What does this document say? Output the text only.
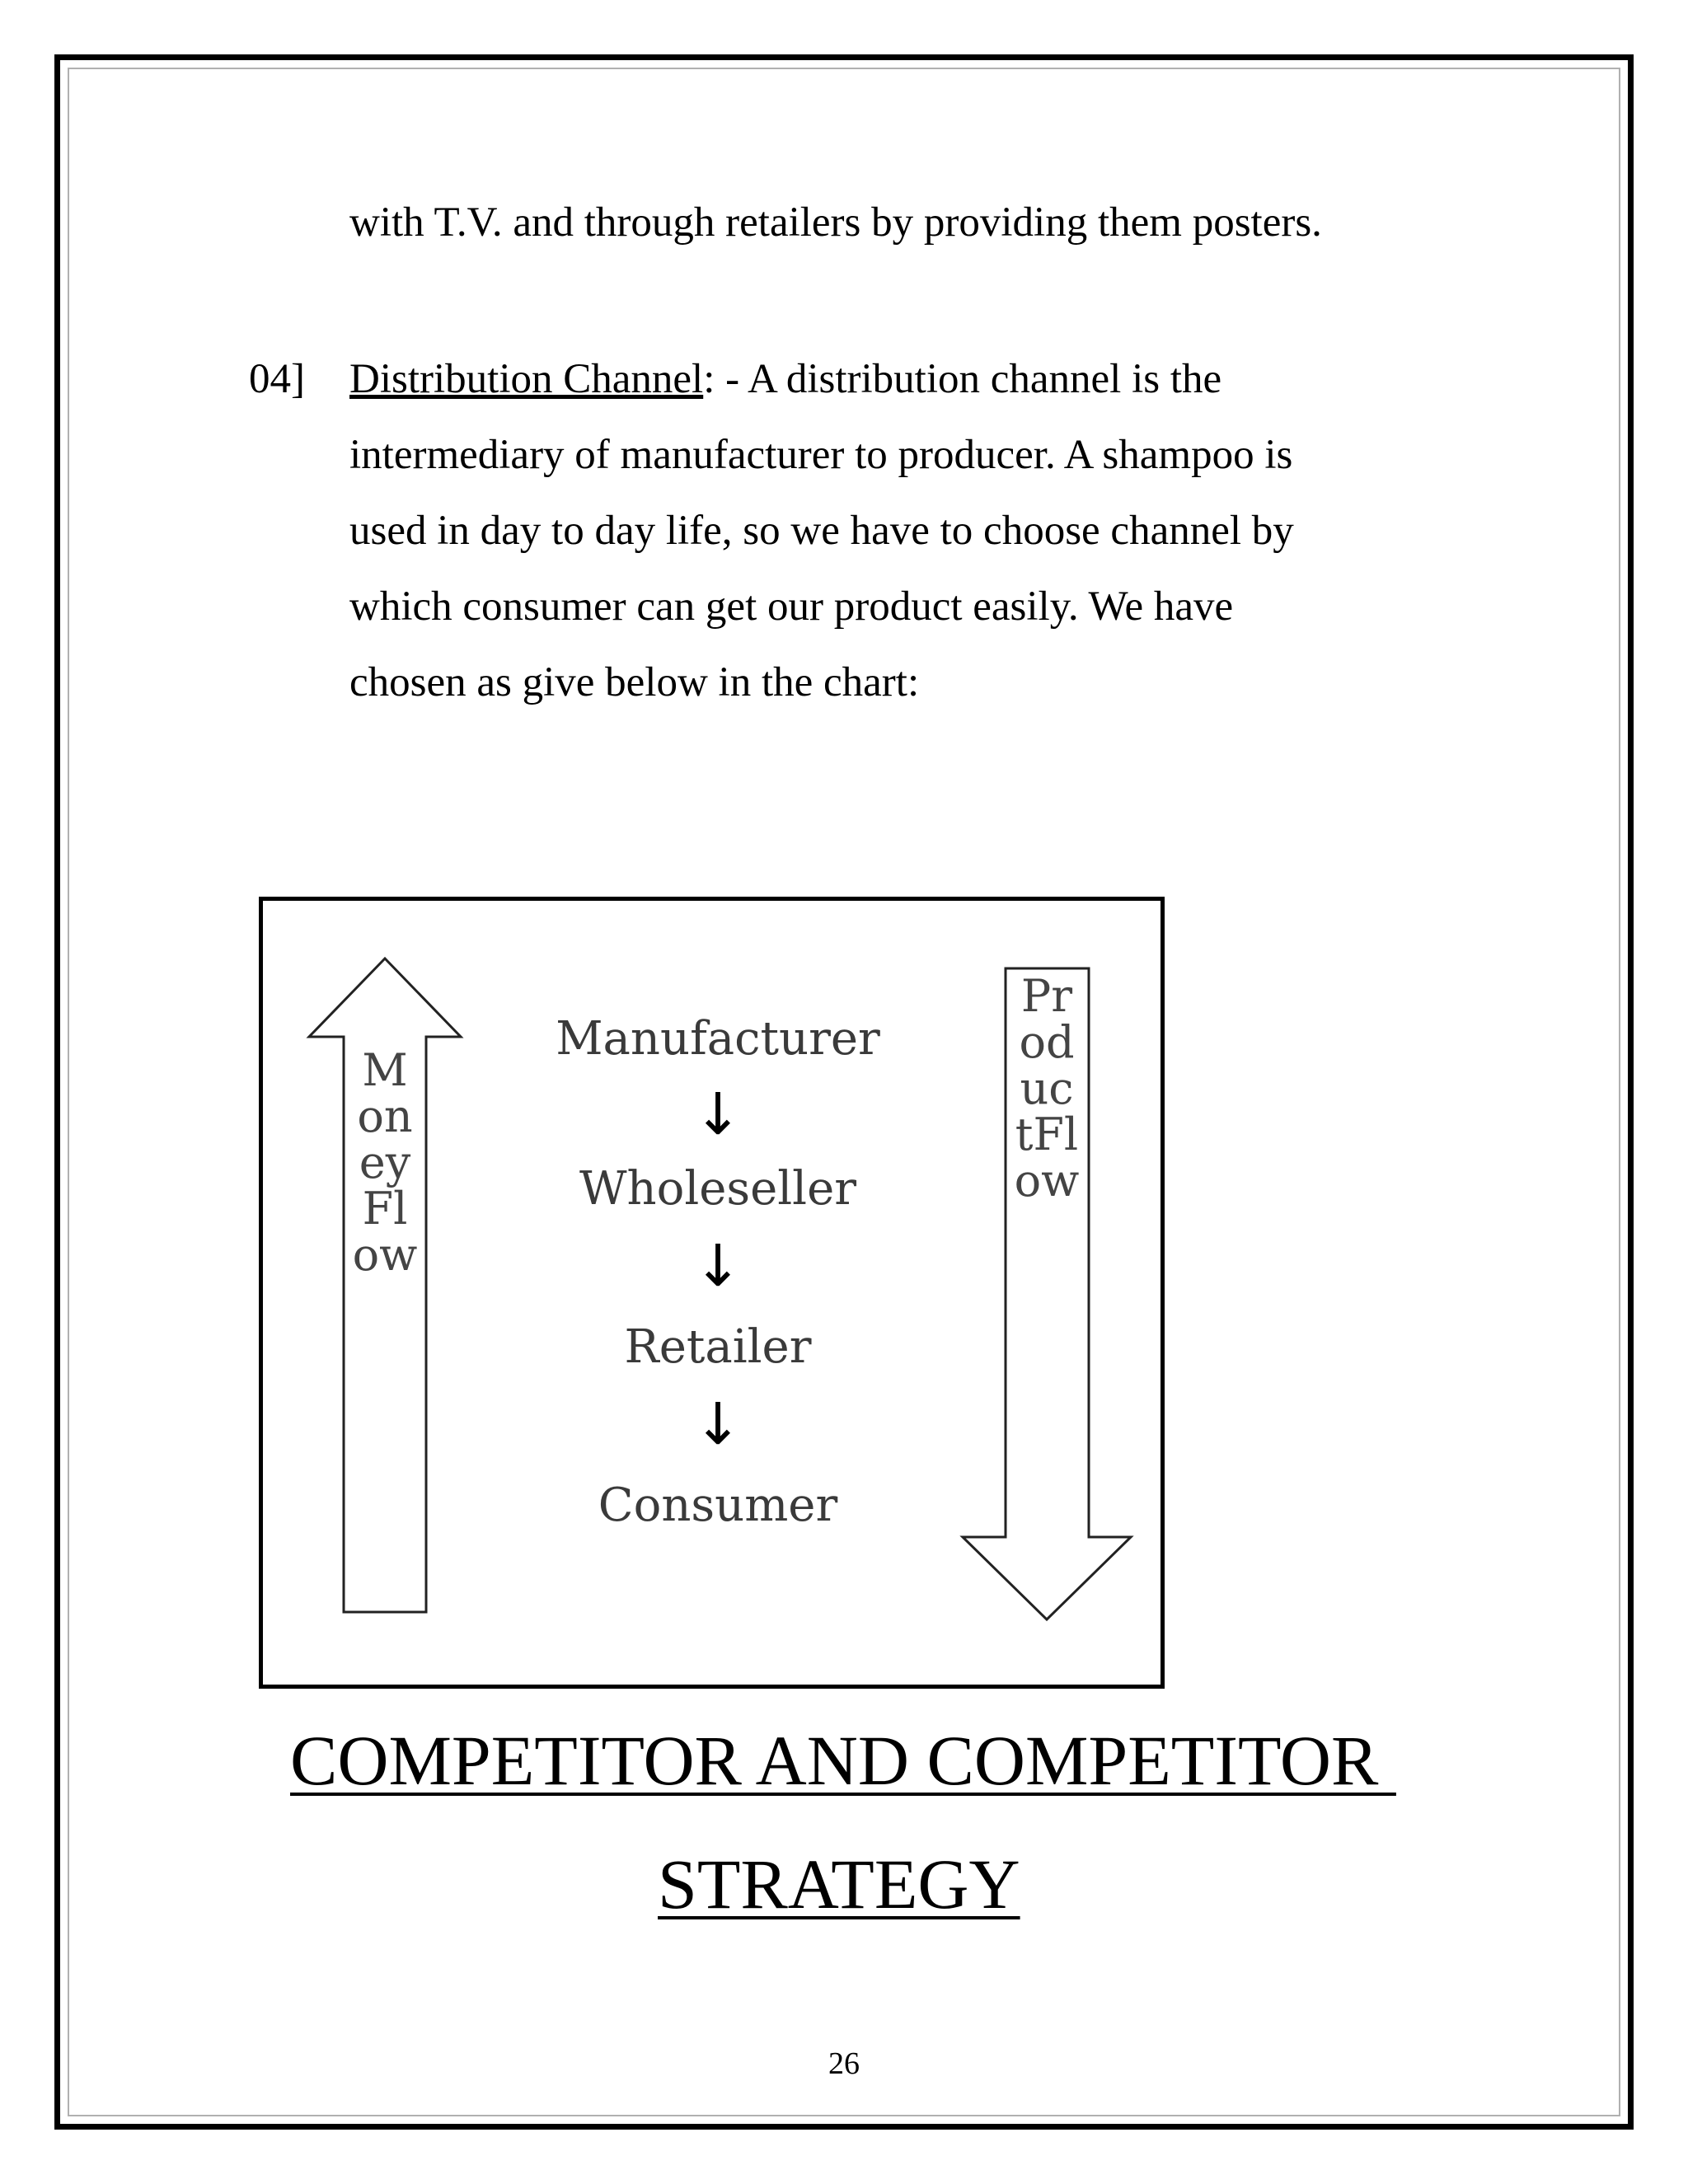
with T.V. and through retailers by providing them posters.
04] Distribution Channel: - A distribution channel is the
intermediary of manufacturer to producer. A shampoo is
used in day to day life, so we have to choose channel by
which consumer can get our product easily. We have
chosen as give below in the chart:
MoneyFlow
ProductFlow
Manufacturer
↓
Wholeseller
↓
Retailer
↓
Consumer
COMPETITOR AND COMPETITOR
STRATEGY
26
